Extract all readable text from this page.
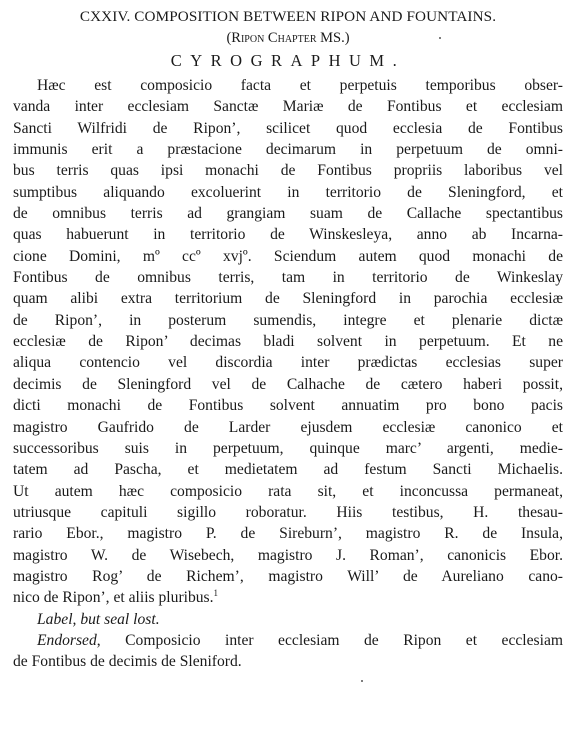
CXXIV. COMPOSITION BETWEEN RIPON AND FOUNTAINS.

(Ripon Chapter MS.)

CYROGRAPHUM.

Hæc est composicio facta et perpetuis temporibus obser-
vanda inter ecclesiam Sanctæ Mariæ de Fontibus et ecclesiam
Sancti Wilfridi de Ripon’, scilicet quod ecclesia de Fontibus
immunis erit a præstacione decimarum in perpetuum de omni-
bus terris quas ipsi monachi de Fontibus propriis laboribus vel
sumptibus aliquando excoluerint in territorio de Sleningford, et
de omnibus terris ad grangiam suam de Callache spectantibus
quas habuerunt in territorio de Winskesleya, anno ab Incarna-
cione Domini, mº ccº xvjº. Sciendum autem quod monachi de
Fontibus de omnibus terris, tam in territorio de Winkeslay
quam alibi extra territorium de Sleningford in parochia ecclesiæ
de Ripon’, in posterum sumendis, integre et plenarie dictæ
ecclesiæ de Ripon’ decimas bladi solvent in perpetuum. Et ne
aliqua contencio vel discordia inter prædictas ecclesias super
decimis de Sleningford vel de Calhache de cætero haberi possit,
dicti monachi de Fontibus solvent annuatim pro bono pacis
magistro Gaufrido de Larder ejusdem ecclesiæ canonico et
successoribus suis in perpetuum, quinque marc’ argenti, medie-
tatem ad Pascha, et medietatem ad festum Sancti Michaelis.
Ut autem hæc composicio rata sit, et inconcussa permaneat,
utriusque capituli sigillo roboratur. Hiis testibus, H. thesau-
rario Ebor., magistro P. de Sireburn’, magistro R. de Insula,
magistro W. de Wisebech, magistro J. Roman’, canonicis Ebor.
magistro Rog’ de Richem’, magistro Will’ de Aureliano cano-
nico de Ripon’, et aliis pluribus.$^1$
Label, but seal lost.
Endorsed, Composicio inter ecclesiam de Ripon et ecclesiam
de Fontibus de decimis de Sleniford.
